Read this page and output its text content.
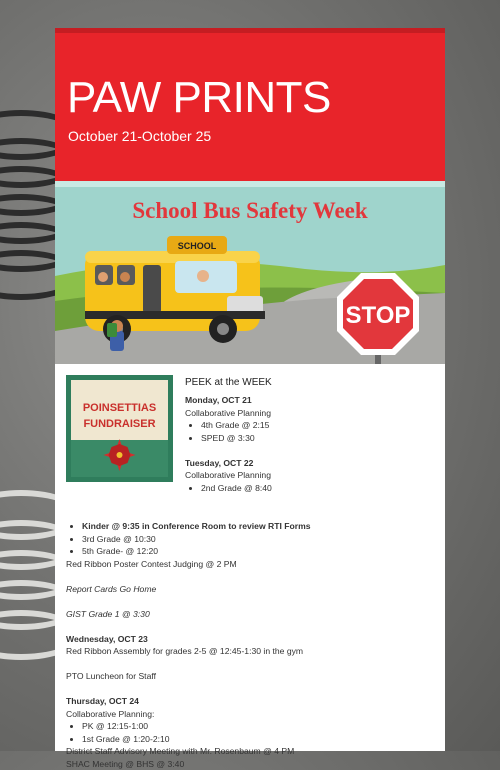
PAW PRINTS
October 21-October 25
School Bus Safety Week
SCHOOL
STOP
POINSETTIAS
FUNDRAISER
PEEK at the WEEK
Monday, OCT 21
Collaborative Planning
• 4th Grade @ 2:15
• SPED @ 3:30
Tuesday, OCT 22
Collaborative Planning
• 2nd Grade @ 8:40
• Kinder @ 9:35 in Conference Room to review RTI Forms
• 3rd Grade @ 10:30
• 5th Grade- @ 12:20
Red Ribbon Poster Contest Judging @ 2 PM
Report Cards Go Home
GIST Grade 1 @ 3:30
Wednesday, OCT 23
Red Ribbon Assembly for grades 2-5 @ 12:45-1:30 in the gym
PTO Luncheon for Staff
Thursday, OCT 24
Collaborative Planning:
• PK @ 12:15-1:00
• 1st Grade @ 1:20-2:10
District Staff Advisory Meeting with Mr. Rosenbaum @ 4 PM
SHAC Meeting @ BHS @ 3:40
